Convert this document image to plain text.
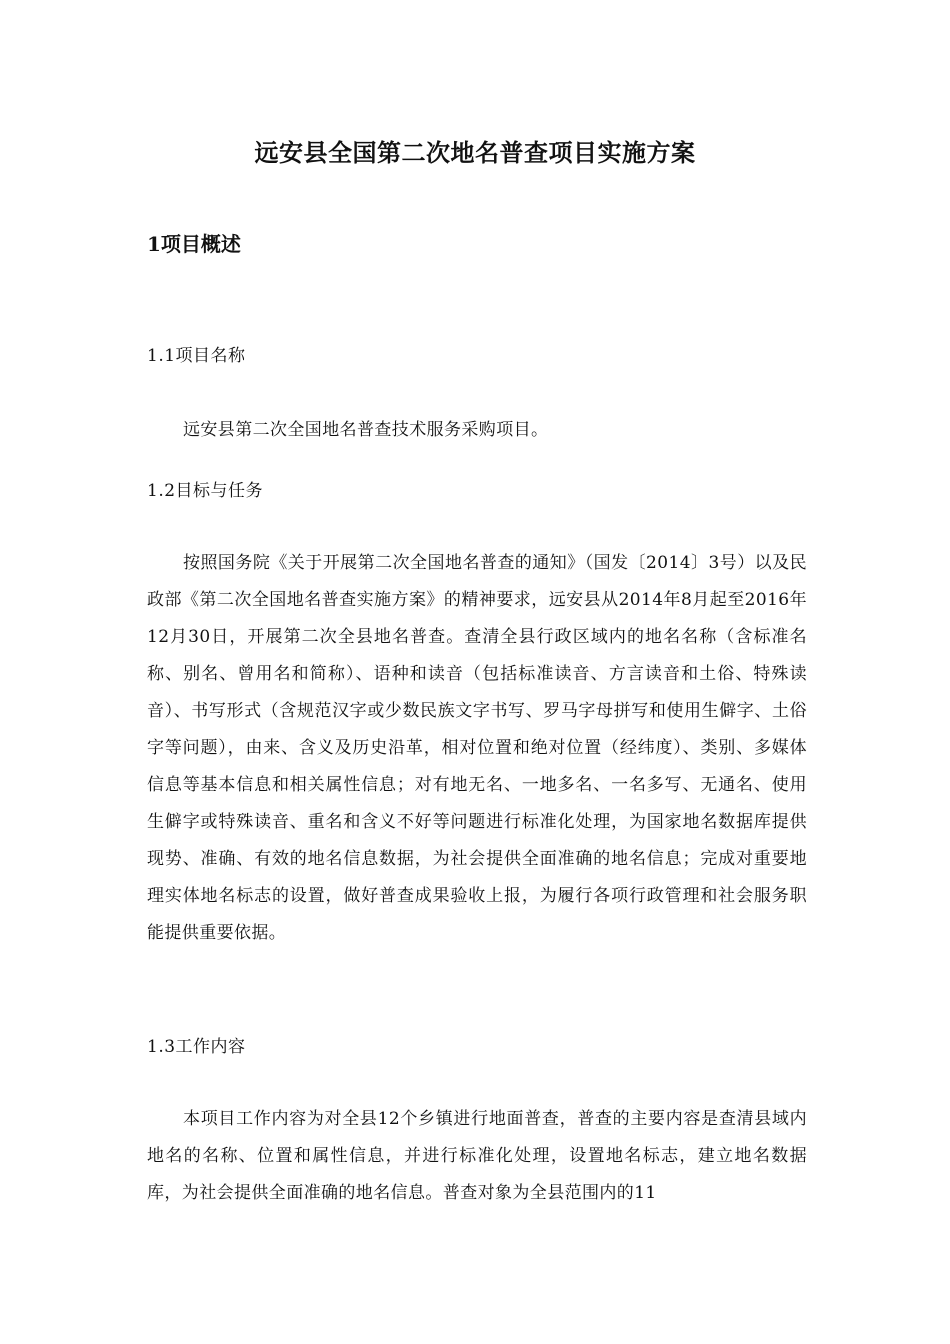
远安县全国第二次地名普查项目实施方案
1项目概述
1.1项目名称

远安县第二次全国地名普查技术服务采购项目。

1.2目标与任务

按照国务院《关于开展第二次全国地名普查的通知》（国发〔2014〕3号）以及民政部《第二次全国地名普查实施方案》的精神要求，远安县从2014年8月起至2016年12月30日，开展第二次全县地名普查。查清全县行政区域内的地名名称（含标准名称、别名、曾用名和简称）、语种和读音（包括标准读音、方言读音和土俗、特殊读音）、书写形式（含规范汉字或少数民族文字书写、罗马字母拼写和使用生僻字、土俗字等问题），由来、含义及历史沿革，相对位置和绝对位置（经纬度）、类别、多媒体信息等基本信息和相关属性信息；对有地无名、一地多名、一名多写、无通名、使用生僻字或特殊读音、重名和含义不好等问题进行标准化处理，为国家地名数据库提供现势、准确、有效的地名信息数据，为社会提供全面准确的地名信息；完成对重要地理实体地名标志的设置，做好普查成果验收上报，为履行各项行政管理和社会服务职能提供重要依据。

1.3工作内容

本项目工作内容为对全县12个乡镇进行地面普查，普查的主要内容是查清县域内地名的名称、位置和属性信息，并进行标准化处理，设置地名标志，建立地名数据库，为社会提供全面准确的地名信息。普查对象为全县范围内的11
